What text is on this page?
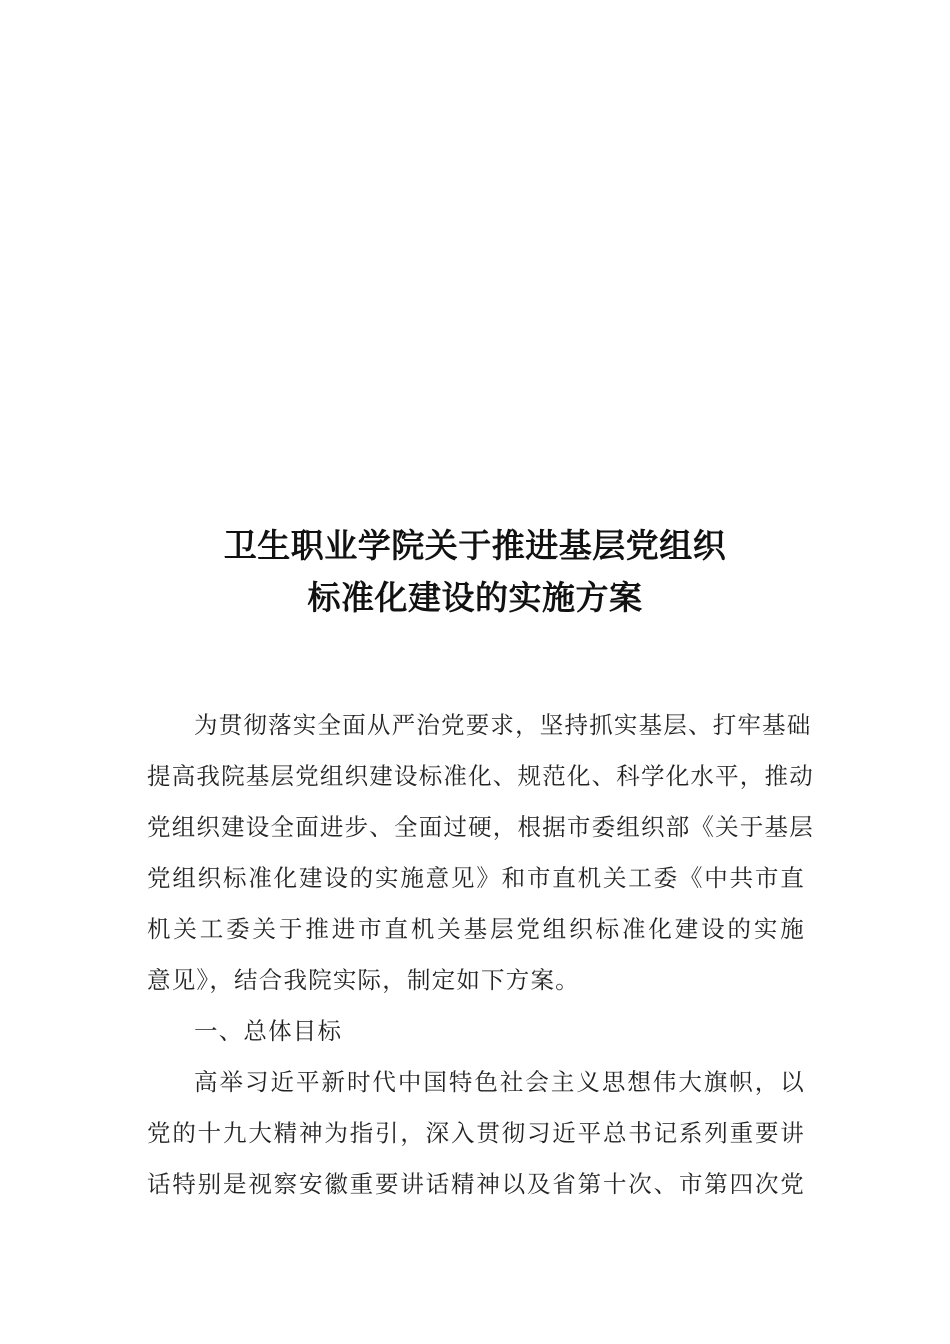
卫生职业学院关于推进基层党组织
标准化建设的实施方案
为贯彻落实全面从严治党要求，坚持抓实基层、打牢基础
提高我院基层党组织建设标准化、规范化、科学化水平，推动
党组织建设全面进步、全面过硬，根据市委组织部《关于基层
党组织标准化建设的实施意见》和市直机关工委《中共市直
机关工委关于推进市直机关基层党组织标准化建设的实施
意见》，结合我院实际，制定如下方案。
一、总体目标
高举习近平新时代中国特色社会主义思想伟大旗帜，以
党的十九大精神为指引，深入贯彻习近平总书记系列重要讲
话特别是视察安徽重要讲话精神以及省第十次、市第四次党
